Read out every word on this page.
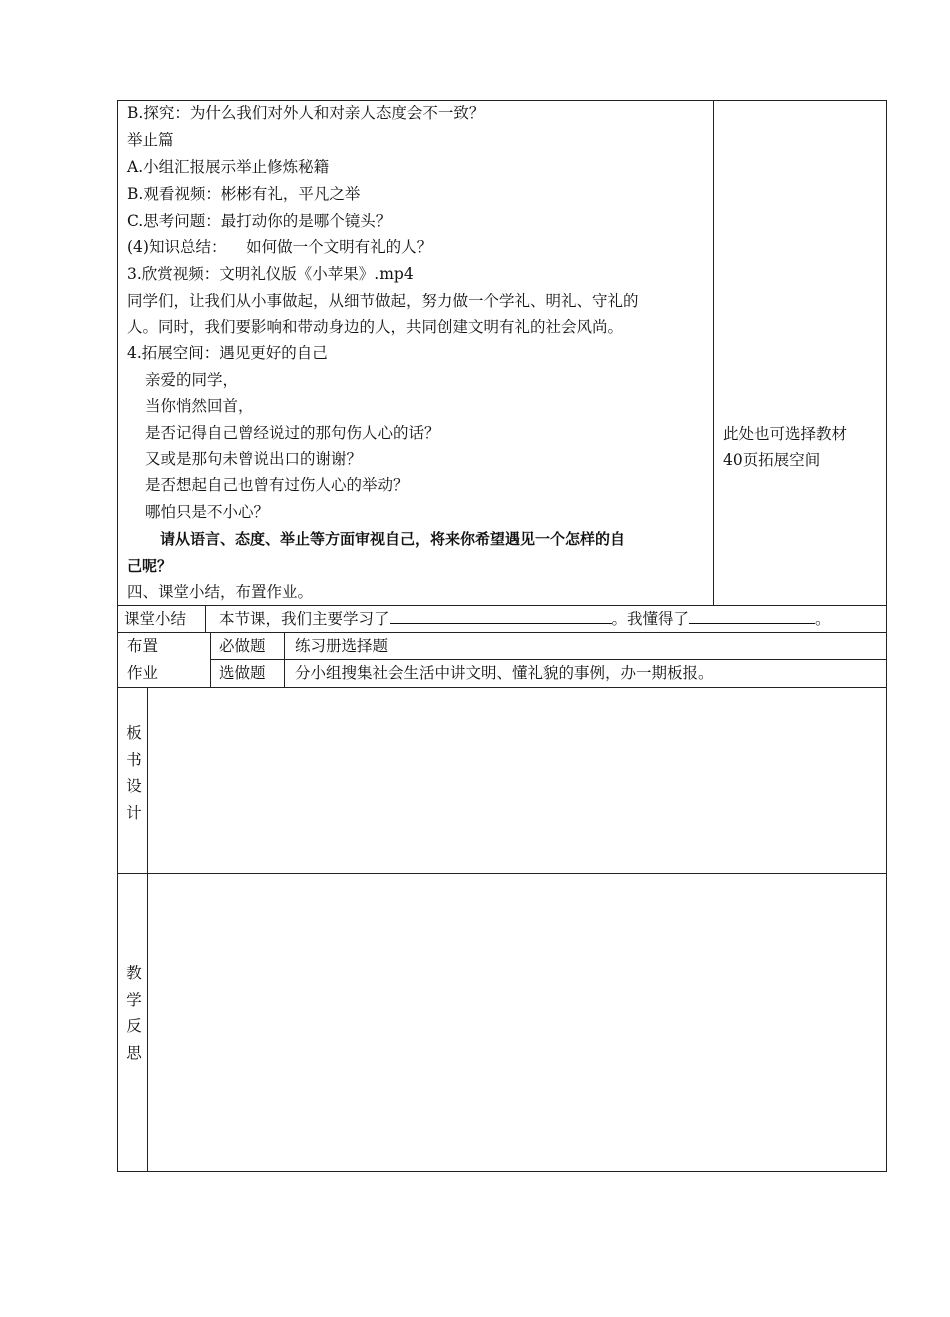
B.探究：为什么我们对外人和对亲人态度会不一致？
举止篇
A.小组汇报展示举止修炼秘籍
B.观看视频：彬彬有礼，平凡之举
C.思考问题：最打动你的是哪个镜头？
(4)知识总结：    如何做一个文明有礼的人？
3.欣赏视频：文明礼仪版《小苹果》.mp4
同学们，让我们从小事做起，从细节做起，努力做一个学礼、明礼、守礼的
人。同时，我们要影响和带动身边的人，共同创建文明有礼的社会风尚。
4.拓展空间：遇见更好的自己
亲爱的同学，
当你悄然回首，
是否记得自己曾经说过的那句伤人心的话？
又或是那句未曾说出口的谢谢？
是否想起自己也曾有过伤人心的举动？
哪怕只是不小心？
请从语言、态度、举止等方面审视自己，将来你希望遇见一个怎样的自
己呢？
四、课堂小结，布置作业。
此处也可选择教材
40页拓展空间
课堂小结 本节课，我们主要学习了	。我懂得了	。
布置
作业
必做题 练习册选择题
选做题 分小组搜集社会生活中讲文明、懂礼貌的事例，办一期板报。
板书设计
教学反思
